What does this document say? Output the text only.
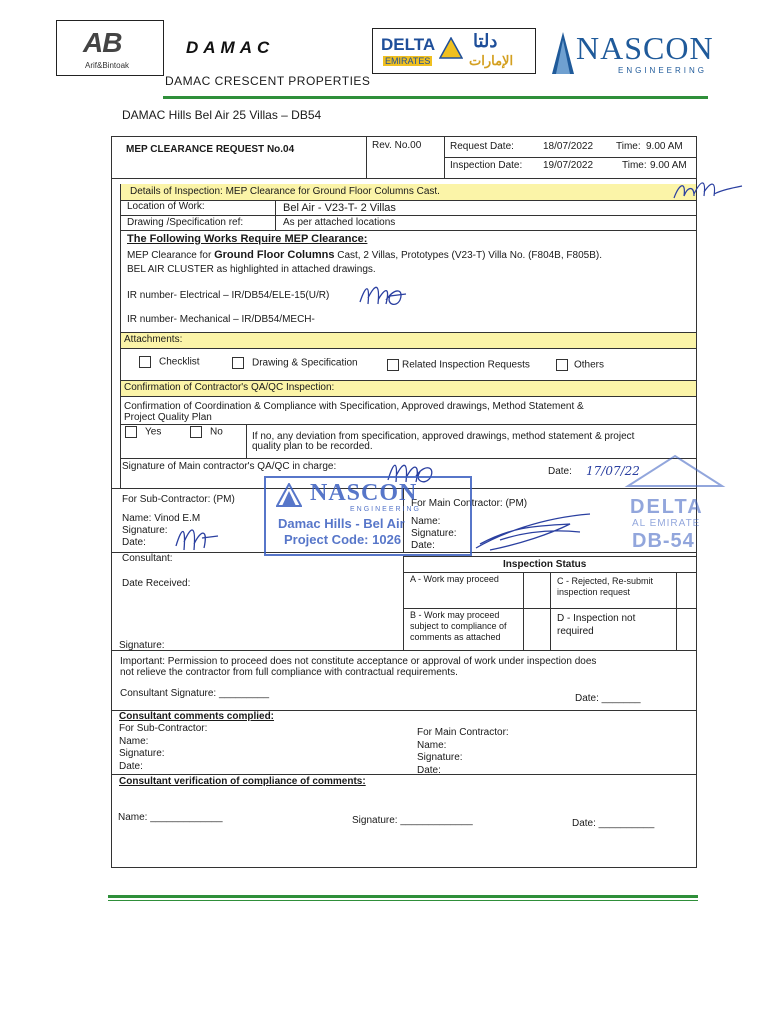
AB
Arif&Bintoak
DAMAC	DELTA
EMIRATES
دلتا
الإمارات NASCON
ENGINEERING
DAMAC CRESCENT PROPERTIES
DAMAC Hills Bel Air 25 Villas – DB54
MEP CLEARANCE REQUEST No.04	Rev. No.00	Request Date:	18/07/2022 Time: 9.00 AM
Inspection Date: 19/07/2022	Time: 9.00 AM
Details of Inspection: MEP Clearance for Ground Floor Columns Cast.
Location of Work:	Bel Air - V23-T- 2 Villas
Drawing /Specification ref:	As per attached locations
The Following Works Require MEP Clearance:
MEP Clearance for Ground Floor Columns Cast, 2 Villas, Prototypes (V23-T) Villa No. (F804B, F805B).
BEL AIR CLUSTER as highlighted in attached drawings.
IR number- Electrical – IR/DB54/ELE-15(U/R)
IR number- Mechanical – IR/DB54/MECH-
Attachments:
Checklist	Drawing & Specification	Related Inspection Requests	Others
Confirmation of Contractor's QA/QC Inspection:
Confirmation of Coordination & Compliance with Specification, Approved drawings, Method Statement &
Project Quality Plan
Yes	No	If no, any deviation from specification, approved drawings, method statement & project
quality plan to be recorded.
Signature of Main contractor's QA/QC in charge:	Date: 17/07/22
For Sub-Contractor: (PM)
Name: Vinod E.M
Signature:
Date:
For Main Contractor: (PM)
Name:
Signature:
Date:
NASCON
ENGINEERING
Damac Hills - Bel Air
Project Code: 1026
DELTA
AL EMIRATE
DB-54
Consultant:
Date Received:
Signature:
Inspection Status
A - Work may proceed
B - Work may proceed subject to compliance of comments as attached
C - Rejected, Re-submit inspection request
D - Inspection not required
Important: Permission to proceed does not constitute acceptance or approval of work under inspection does
not relieve the contractor from full compliance with contractual requirements.
Consultant Signature: _________	Date: _______
Consultant comments complied:
For Sub-Contractor:
Name:
Signature:
Date:
For Main Contractor:
Name:
Signature:
Date:
Consultant verification of compliance of comments:
Name: _____________	Signature: _____________	Date: __________
